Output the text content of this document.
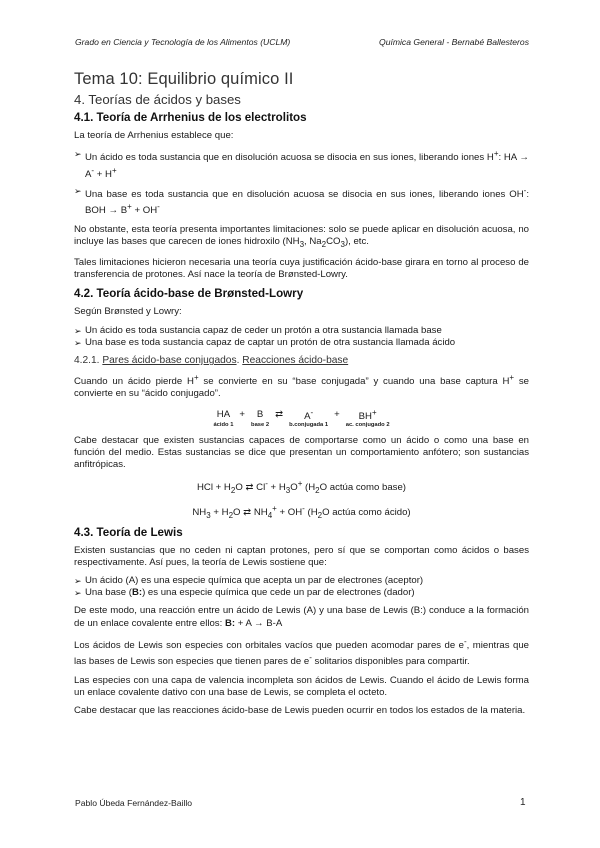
Grado en Ciencia y Tecnología de los Alimentos (UCLM)	Química General - Bernabé Ballesteros
Tema 10: Equilibrio químico II
4. Teorías de ácidos y bases
4.1. Teoría de Arrhenius de los electrolitos

La teoría de Arrhenius establece que:

➢ Un ácido es toda sustancia que en disolución acuosa se disocia en sus iones, liberando iones H+: HA → A- + H+
➢ Una base es toda sustancia que en disolución acuosa se disocia en sus iones, liberando iones OH-: BOH → B+ + OH-

No obstante, esta teoría presenta importantes limitaciones: solo se puede aplicar en disolución acuosa, no incluye las bases que carecen de iones hidroxilo ($NH_3$, $Na_2CO_3$), etc.

Tales limitaciones hicieron necesaria una teoría cuya justificación ácido-base girara en torno al proceso de transferencia de protones. Así nace la teoría de Brønsted-Lowry.

4.2. Teoría ácido-base de Brønsted-Lowry

Según Brønsted y Lowry:

➢ Un ácido es toda sustancia capaz de ceder un protón a otra sustancia llamada base
➢ Una base es toda sustancia capaz de captar un protón de otra sustancia llamada ácido
4.2.1. Pares ácido-base conjugados. Reacciones ácido-base

Cuando un ácido pierde H+ se convierte en su “base conjugada” y cuando una base captura H+ se convierte en su “ácido conjugado”.

HA	+	B	⇄	A-	+	BH+
ácido 1		base 2		b.conjugada 1		ac. conjugado 2

Cabe destacar que existen sustancias capaces de comportarse como un ácido o como una base en función del medio. Estas sustancias se dice que presentan un comportamiento anfótero; son sustancias anfitrópicas.

HCl + $H_2O$ ⇄ $Cl^- + H_3O^+$ ($H_2O$ actúa como base)
$NH_3 + H_2O$ ⇄ $NH_4^+ + OH^-$ ($H_2O$ actúa como ácido)
4.3. Teoría de Lewis

Existen sustancias que no ceden ni captan protones, pero sí que se comportan como ácidos o bases respectivamente. Así pues, la teoría de Lewis sostiene que:

➢ Un ácido (A) es una especie química que acepta un par de electrones (aceptor)
➢ Una base (B:) es una especie química que cede un par de electrones (dador)

De este modo, una reacción entre un ácido de Lewis (A) y una base de Lewis (B:) conduce a la formación de un enlace covalente entre ellos: B: + A → B-A

Los ácidos de Lewis son especies con orbitales vacíos que pueden acomodar pares de e-, mientras que las bases de Lewis son especies que tienen pares de e- solitarios disponibles para compartir.

Las especies con una capa de valencia incompleta son ácidos de Lewis. Cuando el ácido de Lewis forma un enlace covalente dativo con una base de Lewis, se completa el octeto.

Cabe destacar que las reacciones ácido-base de Lewis pueden ocurrir en todos los estados de la materia.

Pablo Úbeda Fernández-Baillo	1
